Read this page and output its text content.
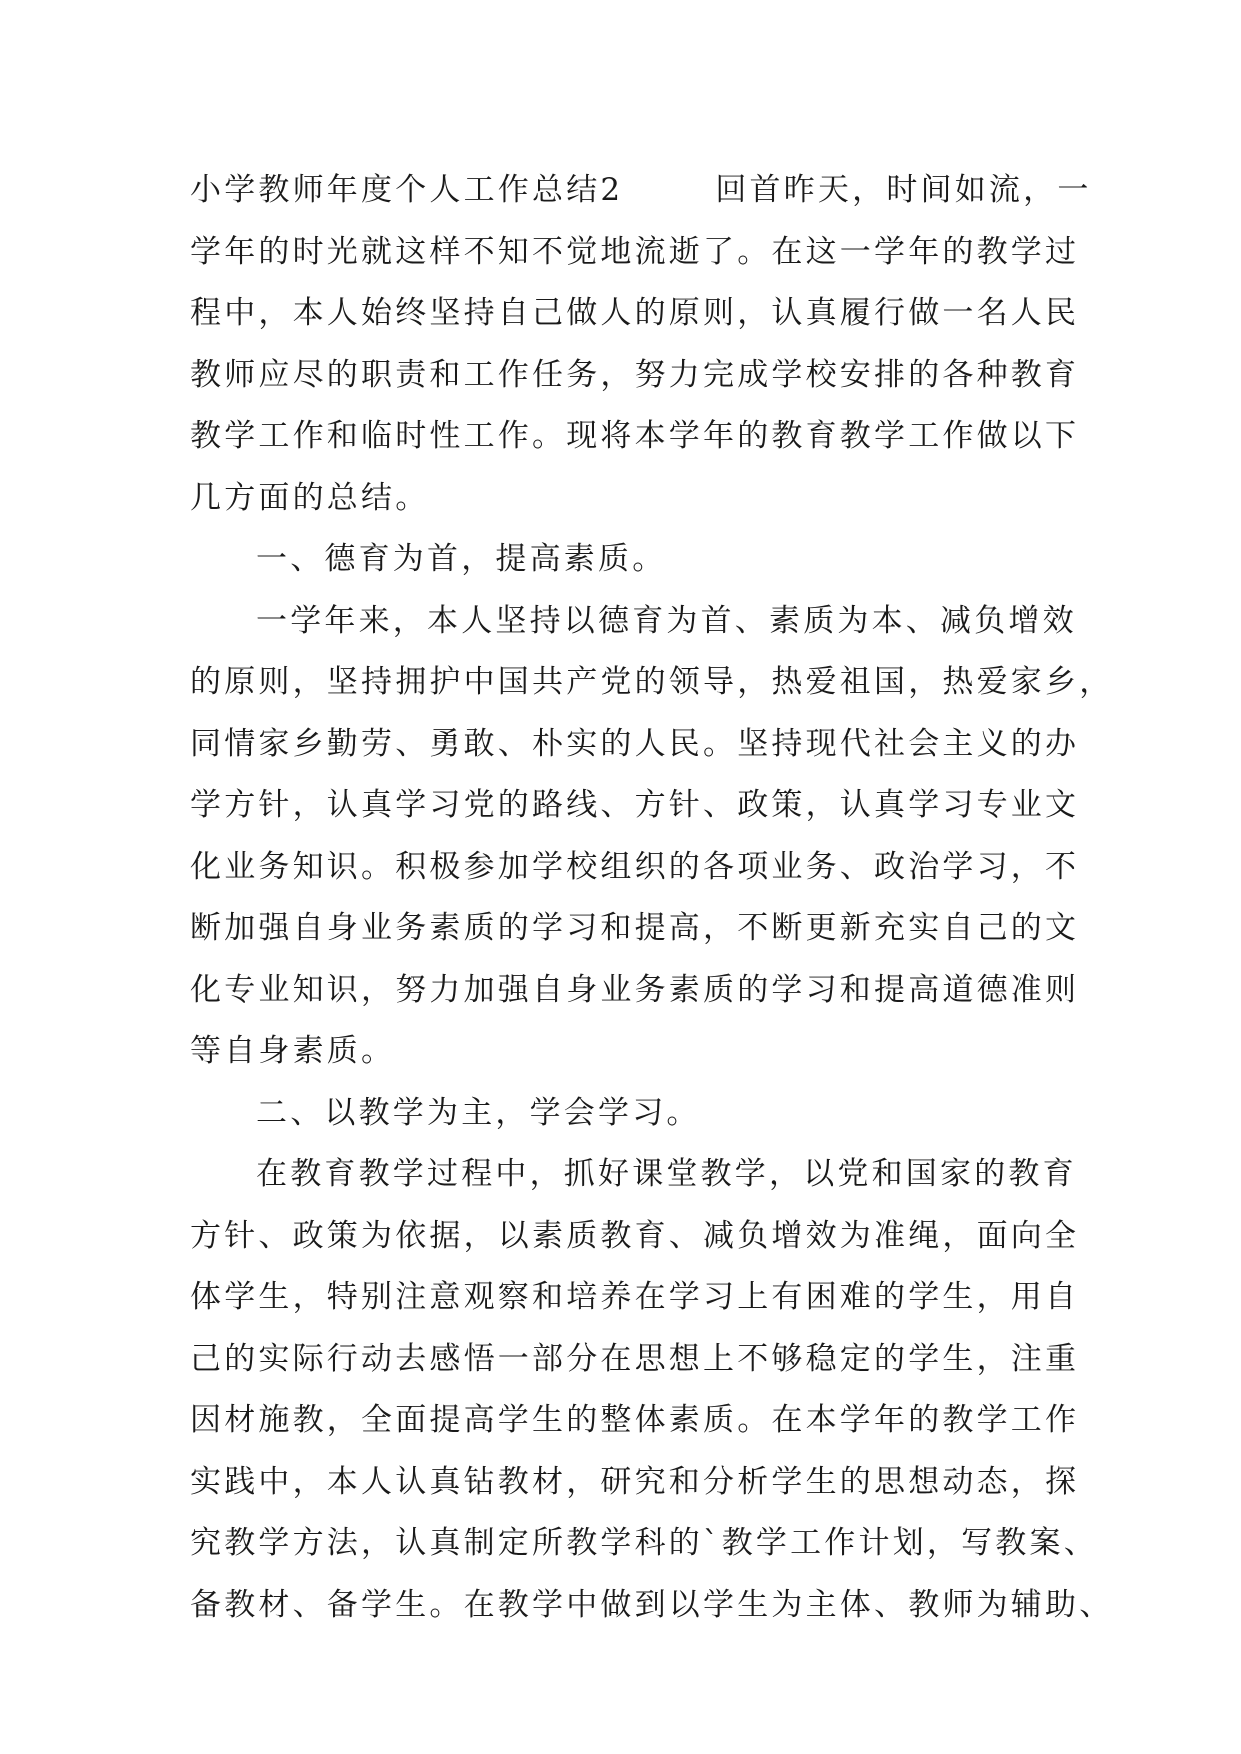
小学教师年度个人工作总结2	回首昨天，时间如流，一
学年的时光就这样不知不觉地流逝了。在这一学年的教学过
程中，本人始终坚持自己做人的原则，认真履行做一名人民
教师应尽的职责和工作任务，努力完成学校安排的各种教育
教学工作和临时性工作。现将本学年的教育教学工作做以下
几方面的总结。
一、德育为首，提高素质。
一学年来，本人坚持以德育为首、素质为本、减负增效
的原则，坚持拥护中国共产党的领导，热爱祖国，热爱家乡，
同情家乡勤劳、勇敢、朴实的人民。坚持现代社会主义的办
学方针，认真学习党的路线、方针、政策，认真学习专业文
化业务知识。积极参加学校组织的各项业务、政治学习，不
断加强自身业务素质的学习和提高，不断更新充实自己的文
化专业知识，努力加强自身业务素质的学习和提高道德准则
等自身素质。
二、以教学为主，学会学习。
在教育教学过程中，抓好课堂教学，以党和国家的教育
方针、政策为依据，以素质教育、减负增效为准绳，面向全
体学生，特别注意观察和培养在学习上有困难的学生，用自
己的实际行动去感悟一部分在思想上不够稳定的学生，注重
因材施教，全面提高学生的整体素质。在本学年的教学工作
实践中，本人认真钻教材，研究和分析学生的思想动态，探
究教学方法，认真制定所教学科的`教学工作计划，写教案、
备教材、备学生。在教学中做到以学生为主体、教师为辅助、
